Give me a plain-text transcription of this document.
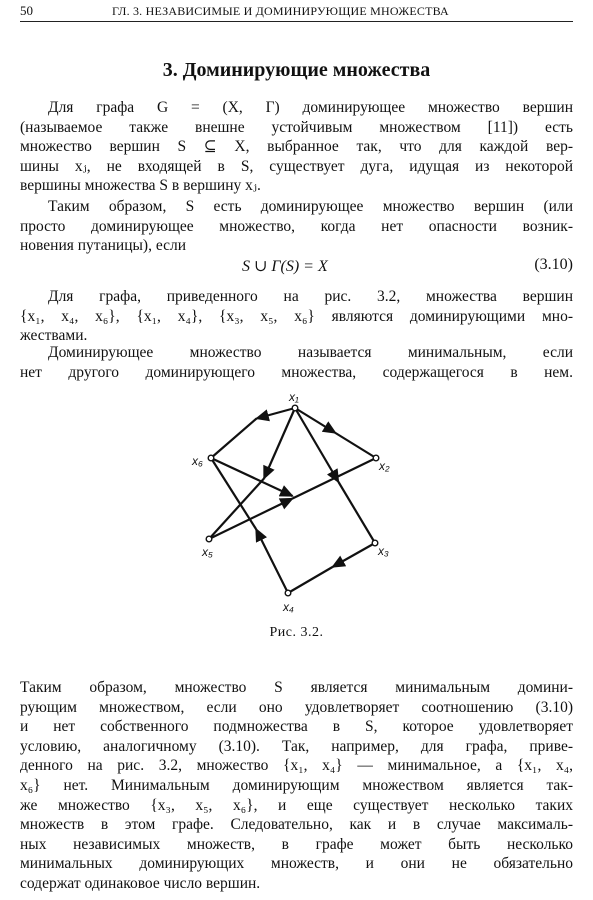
50	ГЛ. 3. НЕЗАВИСИМЫЕ И ДОМИНИРУЮЩИЕ МНОЖЕСТВА
3. Доминирующие множества
Для графа G = (X, Γ) доминирующее множество вершин
(называемое также внешне устойчивым множеством [11]) есть
множество вершин S ⊆ X, выбранное так, что для каждой вер-
шины xⱼ, не входящей в S, существует дуга, идущая из некоторой
вершины множества S в вершину xⱼ.
Таким образом, S есть доминирующее множество вершин (или
просто доминирующее множество, когда нет опасности возник-
новения путаницы), если
S ∪ Γ(S) = X	(3.10)
Для графа, приведенного на рис. 3.2, множества вершин
{x₁, x₄, x₆}, {x₁, x₄}, {x₃, x₅, x₆} являются доминирующими мно-
жествами.
Доминирующее множество называется минимальным, если
нет другого доминирующего множества, содержащегося в нем.
x₁
x₂
x₃
x₄
x₅
x₆
Рис. 3.2.
Таким образом, множество S является минимальным домини-
рующим множеством, если оно удовлетворяет соотношению (3.10)
и нет собственного подмножества в S, которое удовлетворяет
условию, аналогичному (3.10). Так, например, для графа, приве-
денного на рис. 3.2, множество {x₁, x₄} — минимальное, а {x₁, x₄,
x₆} нет. Минимальным доминирующим множеством является так-
же множество {x₃, x₅, x₆}, и еще существует несколько таких
множеств в этом графе. Следовательно, как и в случае максималь-
ных независимых множеств, в графе может быть несколько
минимальных доминирующих множеств, и они не обязательно
содержат одинаковое число вершин.
